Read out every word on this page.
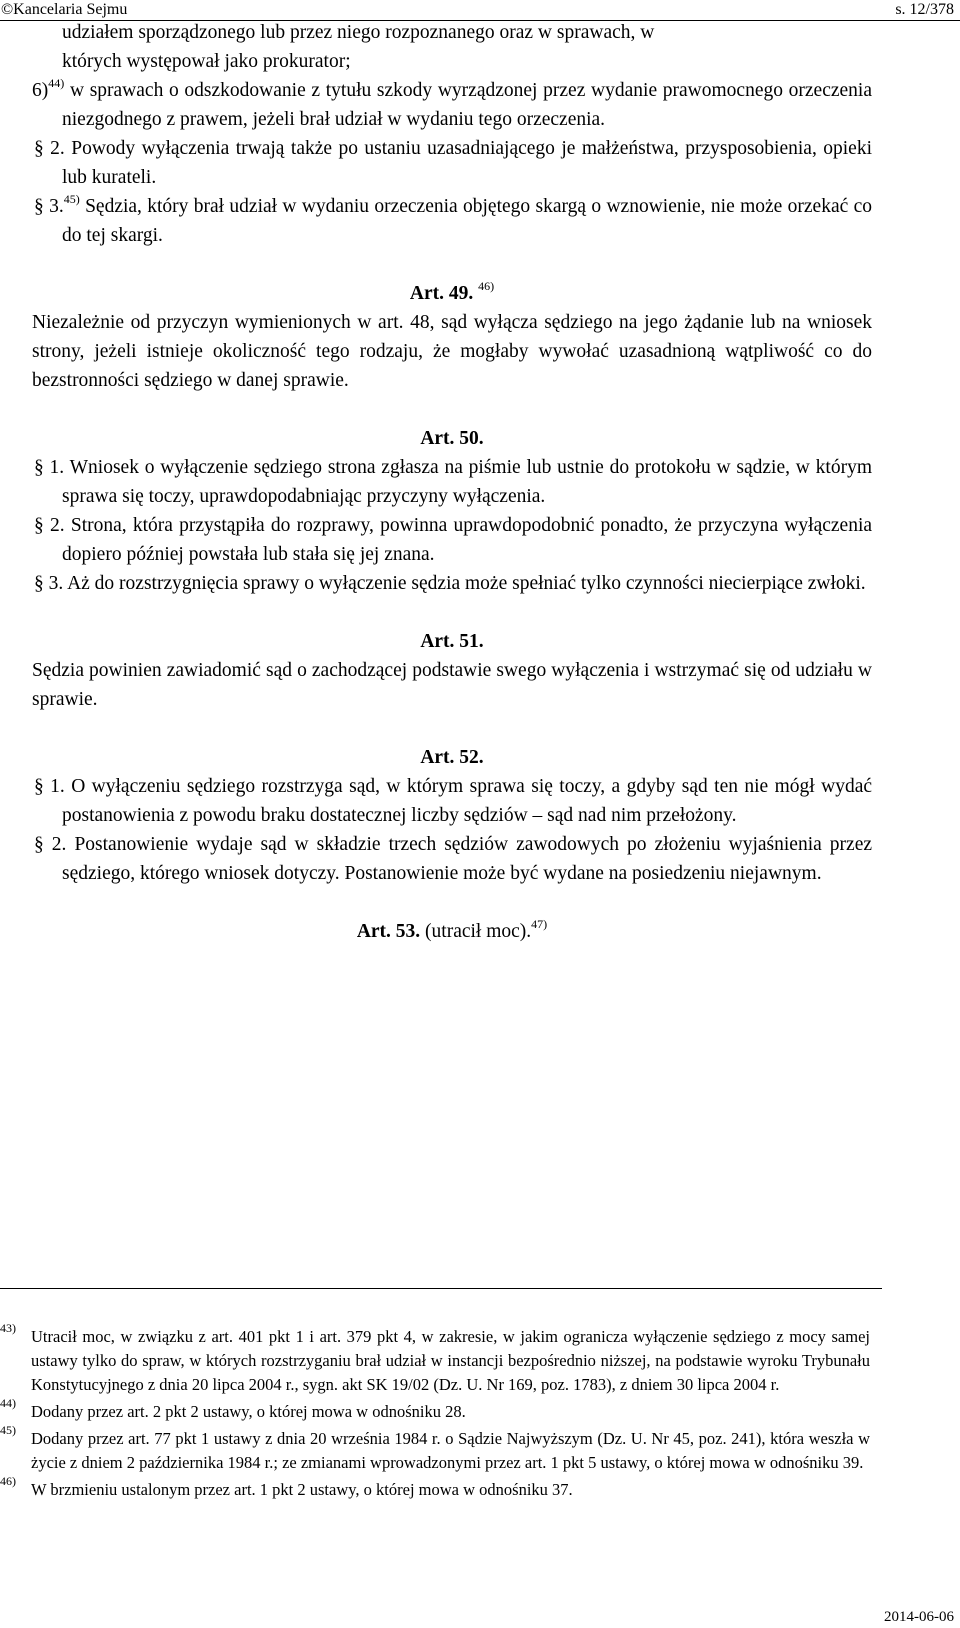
©Kancelaria Sejmu	s. 12/378

udziałem sporządzonego lub przez niego rozpoznanego oraz w sprawach, w

których występował jako prokurator;

6)$^{44)}$ w sprawach o odszkodowanie z tytułu szkody wyrządzonej przez wydanie prawomocnego orzeczenia niezgodnego z prawem, jeżeli brał udział w wydaniu tego orzeczenia.

§ 2. Powody wyłączenia trwają także po ustaniu uzasadniającego je małżeństwa, przysposobienia, opieki lub kurateli.

§ 3.$^{45)}$ Sędzia, który brał udział w wydaniu orzeczenia objętego skargą o wznowienie, nie może orzekać co do tej skargi.

Art. 49. $^{46)}$

Niezależnie od przyczyn wymienionych w art. 48, sąd wyłącza sędziego na jego żądanie lub na wniosek strony, jeżeli istnieje okoliczność tego rodzaju, że mogłaby wywołać uzasadnioną wątpliwość co do bezstronności sędziego w danej sprawie.

Art. 50.

§ 1. Wniosek o wyłączenie sędziego strona zgłasza na piśmie lub ustnie do protokołu w sądzie, w którym sprawa się toczy, uprawdopodabniając przyczyny wyłączenia.

§ 2. Strona, która przystąpiła do rozprawy, powinna uprawdopodobnić ponadto, że przyczyna wyłączenia dopiero później powstała lub stała się jej znana.

§ 3. Aż do rozstrzygnięcia sprawy o wyłączenie sędzia może spełniać tylko czynności niecierpiące zwłoki.

Art. 51.

Sędzia powinien zawiadomić sąd o zachodzącej podstawie swego wyłączenia i wstrzymać się od udziału w sprawie.

Art. 52.

§ 1. O wyłączeniu sędziego rozstrzyga sąd, w którym sprawa się toczy, a gdyby sąd ten nie mógł wydać postanowienia z powodu braku dostatecznej liczby sędziów – sąd nad nim przełożony.

§ 2. Postanowienie wydaje sąd w składzie trzech sędziów zawodowych po złożeniu wyjaśnienia przez sędziego, którego wniosek dotyczy. Postanowienie może być wydane na posiedzeniu niejawnym.

Art. 53. (utracił moc).$^{47)}$

43) Utracił moc, w związku z art. 401 pkt 1 i art. 379 pkt 4, w zakresie, w jakim ogranicza wyłączenie sędziego z mocy samej ustawy tylko do spraw, w których rozstrzyganiu brał udział w instancji bezpośrednio niższej, na podstawie wyroku Trybunału Konstytucyjnego z dnia 20 lipca 2004 r., sygn. akt SK 19/02 (Dz. U. Nr 169, poz. 1783), z dniem 30 lipca 2004 r.

44) Dodany przez art. 2 pkt 2 ustawy, o której mowa w odnośniku 28.

45) Dodany przez art. 77 pkt 1 ustawy z dnia 20 września 1984 r. o Sądzie Najwyższym (Dz. U. Nr 45, poz. 241), która weszła w życie z dniem 2 października 1984 r.; ze zmianami wprowadzonymi przez art. 1 pkt 5 ustawy, o której mowa w odnośniku 39.

46) W brzmieniu ustalonym przez art. 1 pkt 2 ustawy, o której mowa w odnośniku 37.

2014-06-06
